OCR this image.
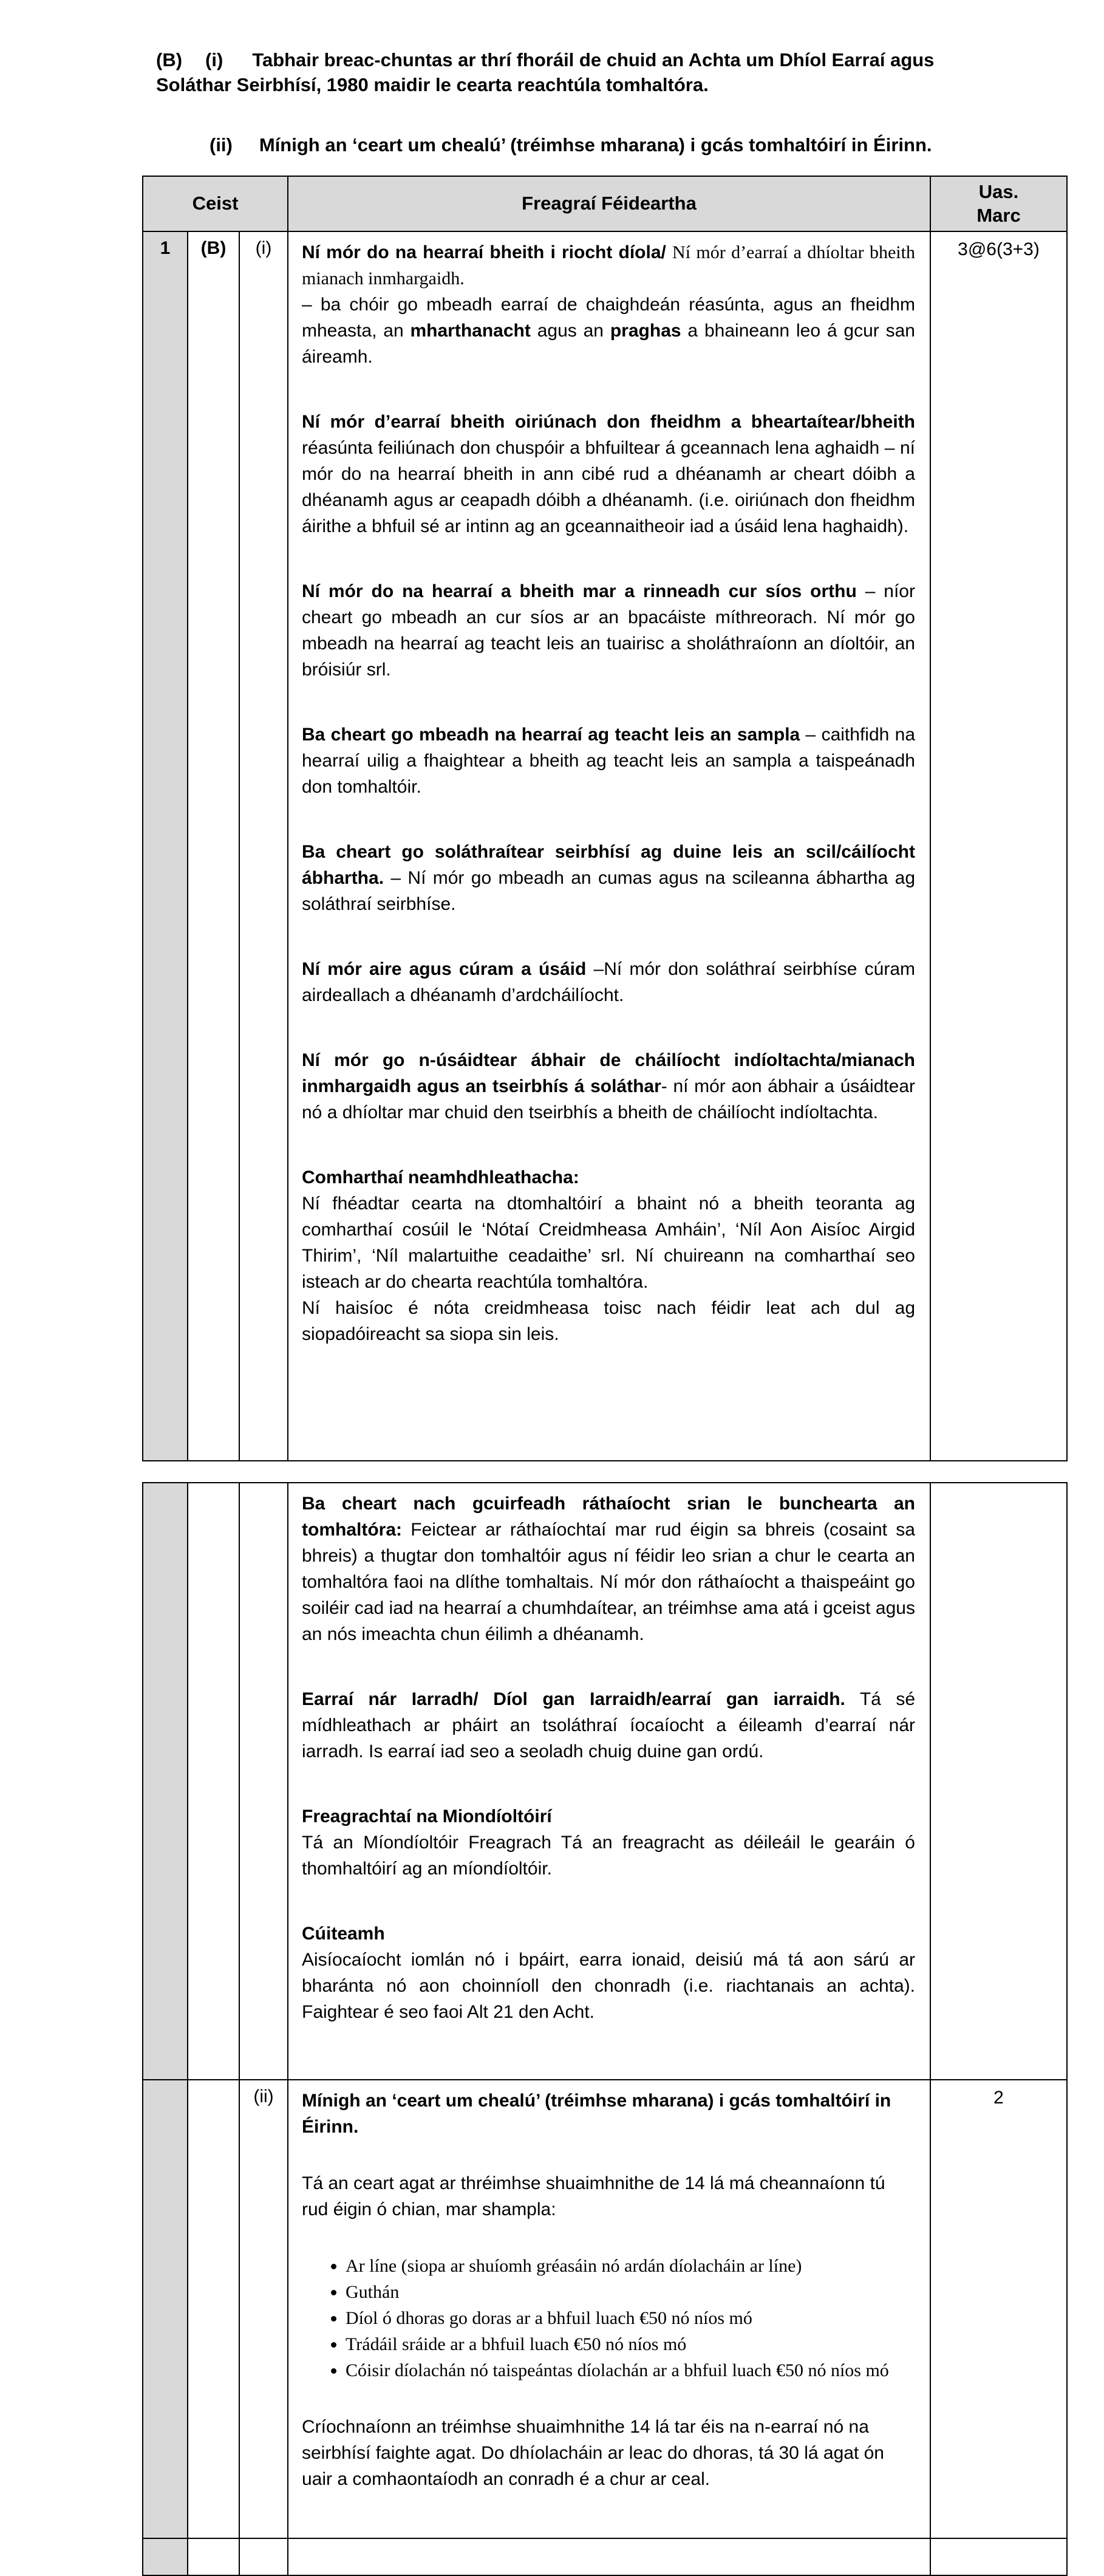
(B) (i) Tabhair breac-chuntas ar thrí fhoráil de chuid an Achta um Dhíol Earraí agus Soláthar Seirbhísí, 1980 maidir le cearta reachtúla tomhaltóra.

(ii) Mínigh an ‘ceart um chealú’ (tréimhse mharana) i gcás tomhaltóirí in Éirinn.

Ceist			Freagraí Féideartha	Uas.
Marc
1	(B)	(i)	Ní mór do na hearraí bheith i riocht díola/ Ní mór d’earraí a dhíoltar bheith mianach inmhargaidh.
– ba chóir go mbeadh earraí de chaighdeán réasúnta, agus an fheidhm mheasta, an mharthanacht agus an praghas a bhaineann leo á gcur san áireamh.

Ní mór d’earraí bheith oiriúnach don fheidhm a bheartaítear/bheith réasúnta feiliúnach don chuspóir a bhfuiltear á gceannach lena aghaidh – ní mór do na hearraí bheith in ann cibé rud a dhéanamh ar cheart dóibh a dhéanamh agus ar ceapadh dóibh a dhéanamh. (i.e. oiriúnach don fheidhm áirithe a bhfuil sé ar intinn ag an gceannaitheoir iad a úsáid lena haghaidh).

Ní mór do na hearraí a bheith mar a rinneadh cur síos orthu – níor cheart go mbeadh an cur síos ar an bpacáiste míthreorach. Ní mór go mbeadh na hearraí ag teacht leis an tuairisc a sholáthraíonn an díoltóir, an bróisiúr srl.

Ba cheart go mbeadh na hearraí ag teacht leis an sampla – caithfidh na hearraí uilig a fhaightear a bheith ag teacht leis an sampla a taispeánadh don tomhaltóir.

Ba cheart go soláthraítear seirbhísí ag duine leis an scil/cáilíocht ábhartha. – Ní mór go mbeadh an cumas agus na scileanna ábhartha ag soláthraí seirbhíse.

Ní mór aire agus cúram a úsáid –Ní mór don soláthraí seirbhíse cúram airdeallach a dhéanamh d’ardcháilíocht.

Ní mór go n-úsáidtear ábhair de cháilíocht indíoltachta/mianach inmhargaidh agus an tseirbhís á soláthar- ní mór aon ábhair a úsáidtear nó a dhíoltar mar chuid den tseirbhís a bheith de cháilíocht indíoltachta.

Comharthaí neamhdhleathacha:
Ní fhéadtar cearta na dtomhaltóirí a bhaint nó a bheith teoranta ag comharthaí cosúil le ‘Nótaí Creidmheasa Amháin’, ‘Níl Aon Aisíoc Airgid Thirim’, ‘Níl malartuithe ceadaithe’ srl. Ní chuireann na comharthaí seo isteach ar do chearta reachtúla tomhaltóra.
Ní haisíoc é nóta creidmheasa toisc nach féidir leat ach dul ag siopadóireacht sa siopa sin leis.

	3@6(3+3)

Ba cheart nach gcuirfeadh ráthaíocht srian le bunchearta an tomhaltóra: Feictear ar ráthaíochtaí mar rud éigin sa bhreis (cosaint sa bhreis) a thugtar don tomhaltóir agus ní féidir leo srian a chur le cearta an tomhaltóra faoi na dlíthe tomhaltais. Ní mór don ráthaíocht a thaispeáint go soiléir cad iad na hearraí a chumhdaítear, an tréimhse ama atá i gceist agus an nós imeachta chun éilimh a dhéanamh.

Earraí nár Iarradh/ Díol gan Iarraidh/earraí gan iarraidh. Tá sé mídhleathach ar pháirt an tsoláthraí íocaíocht a éileamh d’earraí nár iarradh. Is earraí iad seo a seoladh chuig duine gan ordú.

Freagrachtaí na Miondíoltóirí
Tá an Míondíoltóir Freagrach Tá an freagracht as déileáil le gearáin ó thomhaltóirí ag an míondíoltóir.

Cúiteamh
Aisíocaíocht iomlán nó i bpáirt, earra ionaid, deisiú má tá aon sárú ar bharánta nó aon choinníoll den chonradh (i.e. riachtanais an achta). Faightear é seo faoi Alt 21 den Acht.

		(ii)	Mínigh an ‘ceart um chealú’ (tréimhse mharana) i gcás tomhaltóirí in Éirinn.

Tá an ceart agat ar thréimhse shuaimhnithe de 14 lá má cheannaíonn tú rud éigin ó chian, mar shampla:

• Ar líne (siopa ar shuíomh gréasáin nó ardán díolacháin ar líne)
• Guthán
• Díol ó dhoras go doras ar a bhfuil luach €50 nó níos mó
• Trádáil sráide ar a bhfuil luach €50 nó níos mó
• Cóisir díolachán nó taispeántas díolachán ar a bhfuil luach €50 nó níos mó

Críochnaíonn an tréimhse shuaimhnithe 14 lá tar éis na n-earraí nó na seirbhísí faighte agat. Do dhíolacháin ar leac do dhoras, tá 30 lá agat ón uair a comhaontaíodh an conradh é a chur ar ceal.

	2
